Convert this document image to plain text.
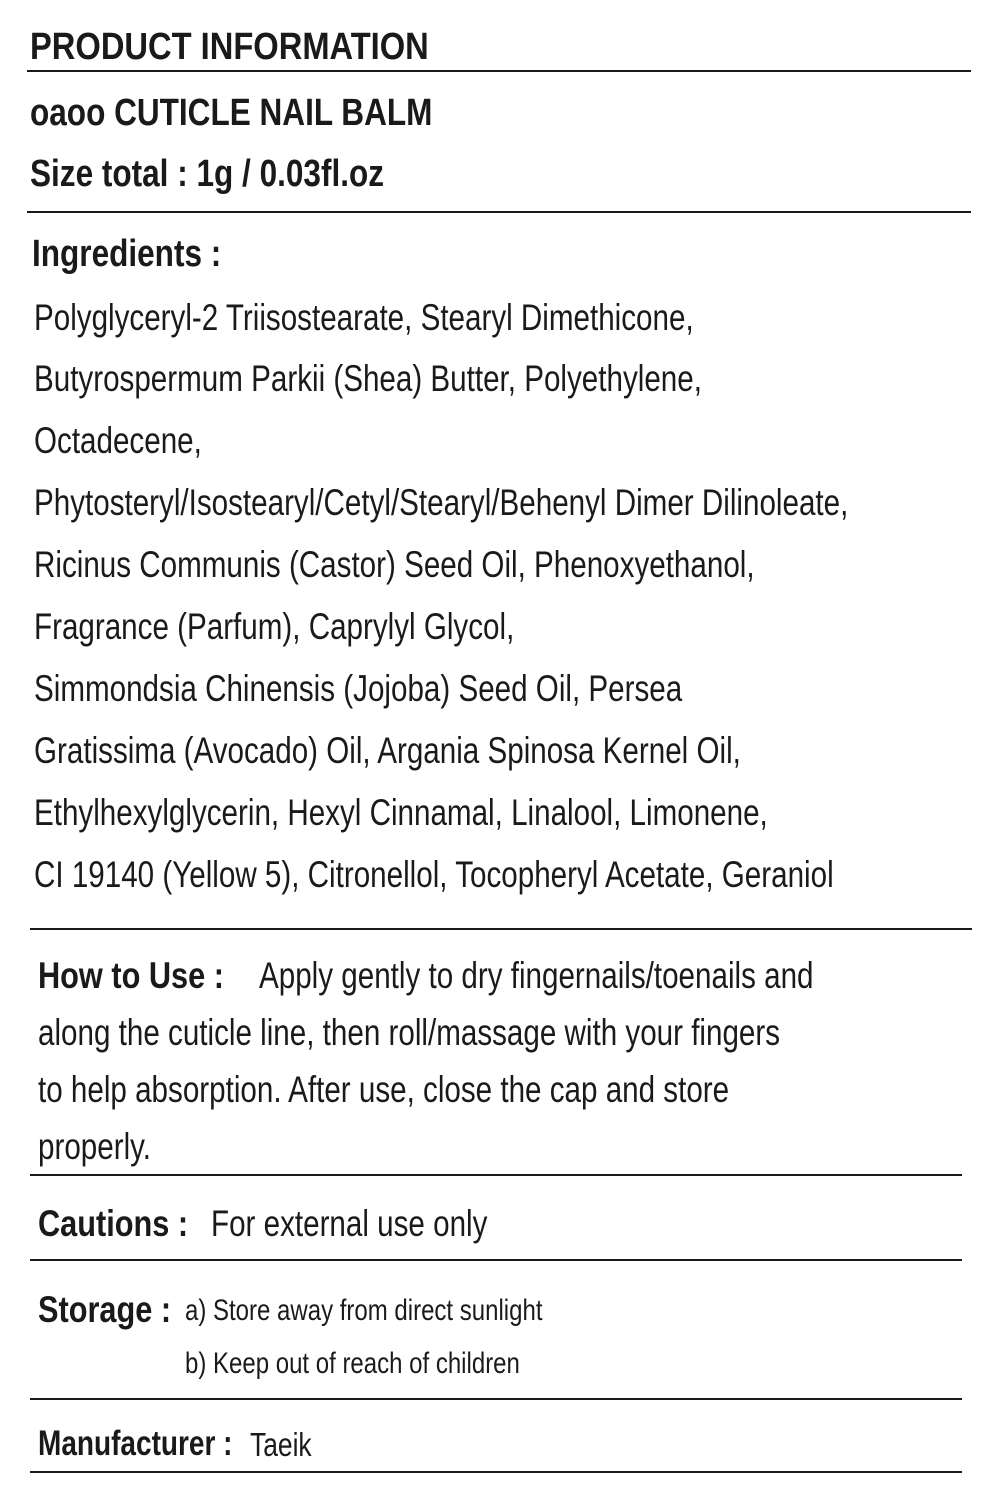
PRODUCT INFORMATION
oaoo CUTICLE NAIL BALM
Size total : 1g / 0.03fl.oz
Ingredients :
Polyglyceryl-2 Triisostearate, Stearyl Dimethicone,
Butyrospermum Parkii (Shea) Butter, Polyethylene,
Octadecene,
Phytosteryl/Isostearyl/Cetyl/Stearyl/Behenyl Dimer Dilinoleate,
Ricinus Communis (Castor) Seed Oil, Phenoxyethanol,
Fragrance (Parfum), Caprylyl Glycol,
Simmondsia Chinensis (Jojoba) Seed Oil, Persea
Gratissima (Avocado) Oil, Argania Spinosa Kernel Oil,
Ethylhexylglycerin, Hexyl Cinnamal, Linalool, Limonene,
CI 19140 (Yellow 5), Citronellol, Tocopheryl Acetate, Geraniol
How to Use : Apply gently to dry fingernails/toenails and
along the cuticle line, then roll/massage with your fingers
to help absorption. After use, close the cap and store
properly.
Cautions : For external use only
Storage : a) Store away from direct sunlight
b) Keep out of reach of children
Manufacturer : Taeik
